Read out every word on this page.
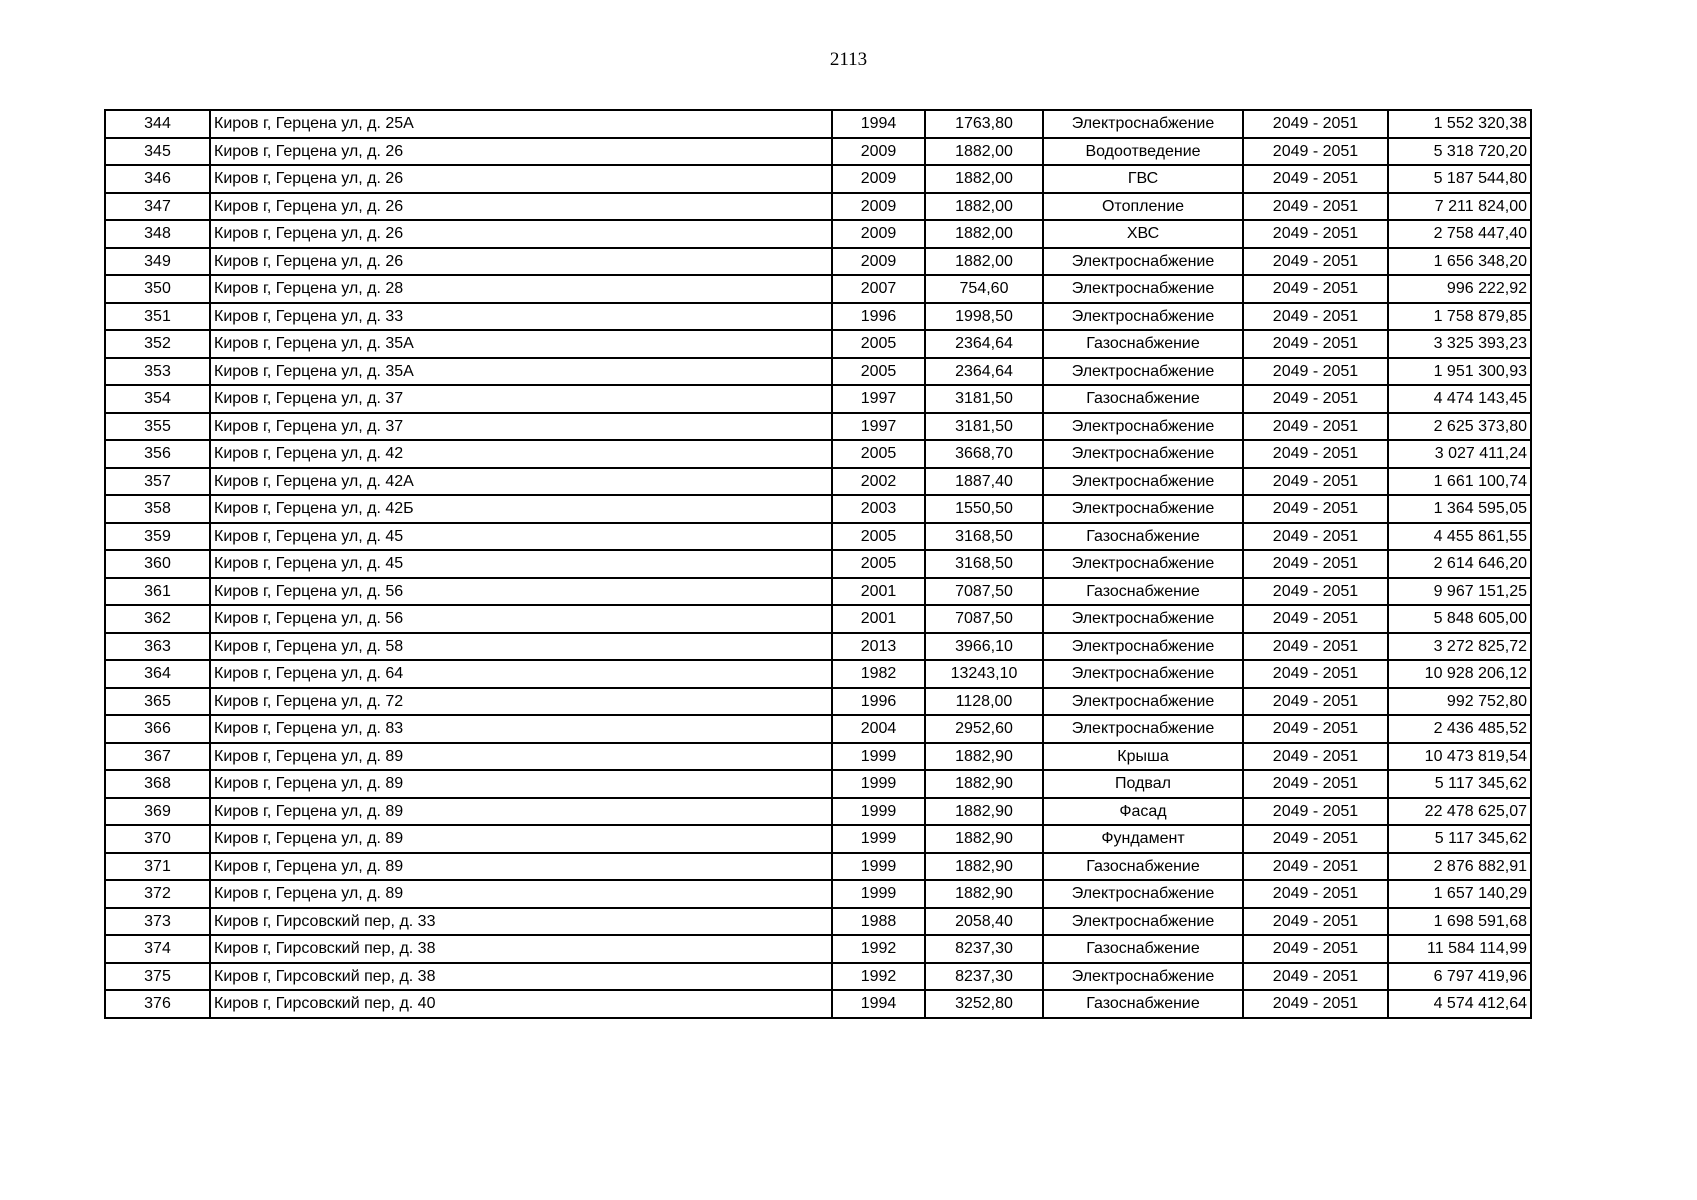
2113
344	Киров г, Герцена ул, д. 25А	1994	1763,80	Электроснабжение	2049 - 2051	1 552 320,38
345	Киров г, Герцена ул, д. 26	2009	1882,00	Водоотведение	2049 - 2051	5 318 720,20
346	Киров г, Герцена ул, д. 26	2009	1882,00	ГВС	2049 - 2051	5 187 544,80
347	Киров г, Герцена ул, д. 26	2009	1882,00	Отопление	2049 - 2051	7 211 824,00
348	Киров г, Герцена ул, д. 26	2009	1882,00	ХВС	2049 - 2051	2 758 447,40
349	Киров г, Герцена ул, д. 26	2009	1882,00	Электроснабжение	2049 - 2051	1 656 348,20
350	Киров г, Герцена ул, д. 28	2007	754,60	Электроснабжение	2049 - 2051	996 222,92
351	Киров г, Герцена ул, д. 33	1996	1998,50	Электроснабжение	2049 - 2051	1 758 879,85
352	Киров г, Герцена ул, д. 35А	2005	2364,64	Газоснабжение	2049 - 2051	3 325 393,23
353	Киров г, Герцена ул, д. 35А	2005	2364,64	Электроснабжение	2049 - 2051	1 951 300,93
354	Киров г, Герцена ул, д. 37	1997	3181,50	Газоснабжение	2049 - 2051	4 474 143,45
355	Киров г, Герцена ул, д. 37	1997	3181,50	Электроснабжение	2049 - 2051	2 625 373,80
356	Киров г, Герцена ул, д. 42	2005	3668,70	Электроснабжение	2049 - 2051	3 027 411,24
357	Киров г, Герцена ул, д. 42А	2002	1887,40	Электроснабжение	2049 - 2051	1 661 100,74
358	Киров г, Герцена ул, д. 42Б	2003	1550,50	Электроснабжение	2049 - 2051	1 364 595,05
359	Киров г, Герцена ул, д. 45	2005	3168,50	Газоснабжение	2049 - 2051	4 455 861,55
360	Киров г, Герцена ул, д. 45	2005	3168,50	Электроснабжение	2049 - 2051	2 614 646,20
361	Киров г, Герцена ул, д. 56	2001	7087,50	Газоснабжение	2049 - 2051	9 967 151,25
362	Киров г, Герцена ул, д. 56	2001	7087,50	Электроснабжение	2049 - 2051	5 848 605,00
363	Киров г, Герцена ул, д. 58	2013	3966,10	Электроснабжение	2049 - 2051	3 272 825,72
364	Киров г, Герцена ул, д. 64	1982	13243,10	Электроснабжение	2049 - 2051	10 928 206,12
365	Киров г, Герцена ул, д. 72	1996	1128,00	Электроснабжение	2049 - 2051	992 752,80
366	Киров г, Герцена ул, д. 83	2004	2952,60	Электроснабжение	2049 - 2051	2 436 485,52
367	Киров г, Герцена ул, д. 89	1999	1882,90	Крыша	2049 - 2051	10 473 819,54
368	Киров г, Герцена ул, д. 89	1999	1882,90	Подвал	2049 - 2051	5 117 345,62
369	Киров г, Герцена ул, д. 89	1999	1882,90	Фасад	2049 - 2051	22 478 625,07
370	Киров г, Герцена ул, д. 89	1999	1882,90	Фундамент	2049 - 2051	5 117 345,62
371	Киров г, Герцена ул, д. 89	1999	1882,90	Газоснабжение	2049 - 2051	2 876 882,91
372	Киров г, Герцена ул, д. 89	1999	1882,90	Электроснабжение	2049 - 2051	1 657 140,29
373	Киров г, Гирсовский пер, д. 33	1988	2058,40	Электроснабжение	2049 - 2051	1 698 591,68
374	Киров г, Гирсовский пер, д. 38	1992	8237,30	Газоснабжение	2049 - 2051	11 584 114,99
375	Киров г, Гирсовский пер, д. 38	1992	8237,30	Электроснабжение	2049 - 2051	6 797 419,96
376	Киров г, Гирсовский пер, д. 40	1994	3252,80	Газоснабжение	2049 - 2051	4 574 412,64
